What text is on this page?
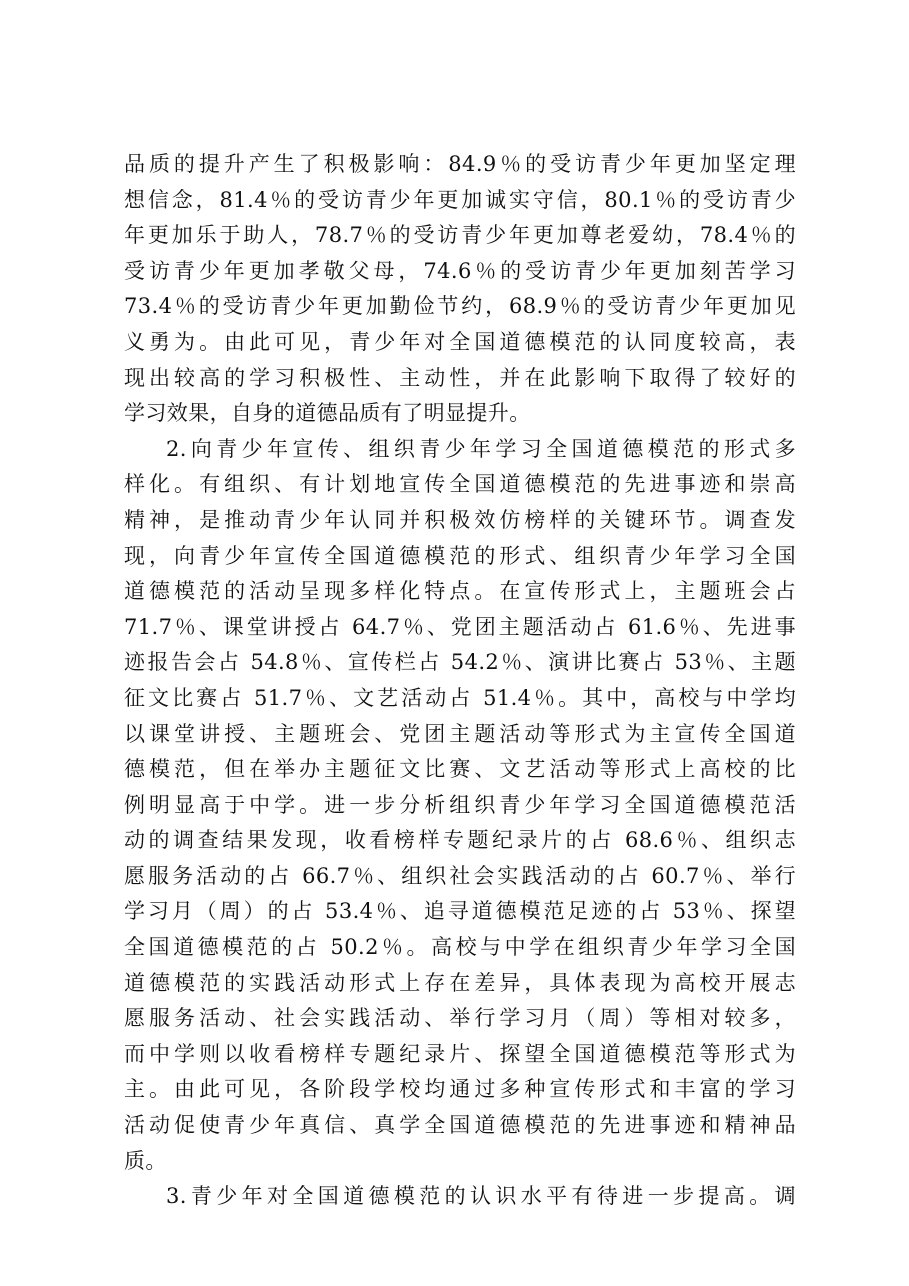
品质的提升产生了积极影响：84.9％的受访青少年更加坚定理
想信念，81.4％的受访青少年更加诚实守信，80.1％的受访青少
年更加乐于助人，78.7％的受访青少年更加尊老爱幼，78.4％的
受访青少年更加孝敬父母，74.6％的受访青少年更加刻苦学习
73.4％的受访青少年更加勤俭节约，68.9％的受访青少年更加见
义勇为。由此可见，青少年对全国道德模范的认同度较高，表
现出较高的学习积极性、主动性，并在此影响下取得了较好的
学习效果，自身的道德品质有了明显提升。
2.向青少年宣传、组织青少年学习全国道德模范的形式多
样化。有组织、有计划地宣传全国道德模范的先进事迹和崇高
精神，是推动青少年认同并积极效仿榜样的关键环节。调查发
现，向青少年宣传全国道德模范的形式、组织青少年学习全国
道德模范的活动呈现多样化特点。在宣传形式上，主题班会占
71.7％、课堂讲授占 64.7％、党团主题活动占 61.6％、先进事
迹报告会占 54.8％、宣传栏占 54.2％、演讲比赛占 53％、主题
征文比赛占 51.7％、文艺活动占 51.4％。其中，高校与中学均
以课堂讲授、主题班会、党团主题活动等形式为主宣传全国道
德模范，但在举办主题征文比赛、文艺活动等形式上高校的比
例明显高于中学。进一步分析组织青少年学习全国道德模范活
动的调查结果发现，收看榜样专题纪录片的占 68.6％、组织志
愿服务活动的占 66.7％、组织社会实践活动的占 60.7％、举行
学习月（周）的占 53.4％、追寻道德模范足迹的占 53％、探望
全国道德模范的占 50.2％。高校与中学在组织青少年学习全国
道德模范的实践活动形式上存在差异，具体表现为高校开展志
愿服务活动、社会实践活动、举行学习月（周）等相对较多，
而中学则以收看榜样专题纪录片、探望全国道德模范等形式为
主。由此可见，各阶段学校均通过多种宣传形式和丰富的学习
活动促使青少年真信、真学全国道德模范的先进事迹和精神品
质。
3.青少年对全国道德模范的认识水平有待进一步提高。调
